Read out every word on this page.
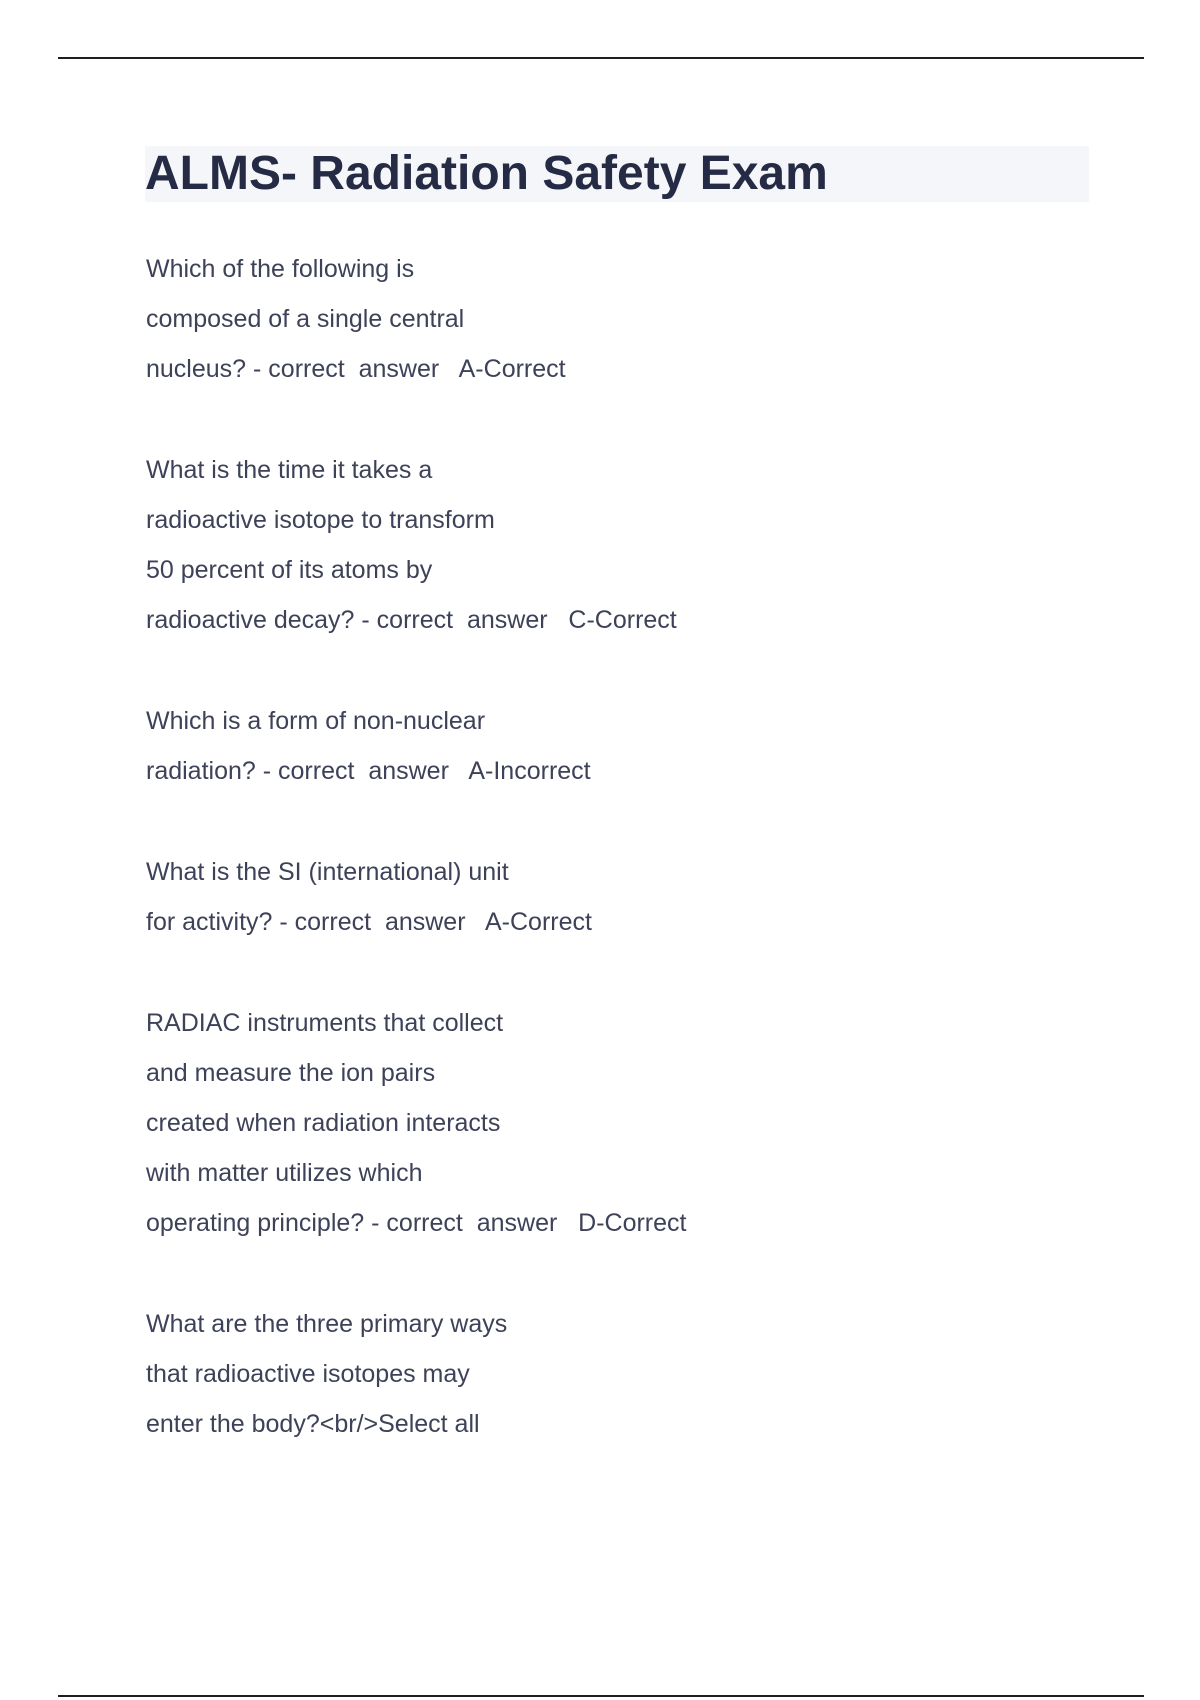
ALMS- Radiation Safety Exam
Which of the following is
composed of a single central
nucleus? - correct  answer   A-Correct
What is the time it takes a
radioactive isotope to transform
50 percent of its atoms by
radioactive decay? - correct  answer   C-Correct
Which is a form of non-nuclear
radiation? - correct  answer   A-Incorrect
What is the SI (international) unit
for activity? - correct  answer   A-Correct
RADIAC instruments that collect
and measure the ion pairs
created when radiation interacts
with matter utilizes which
operating principle? - correct  answer   D-Correct
What are the three primary ways
that radioactive isotopes may
enter the body?<br/>Select all
